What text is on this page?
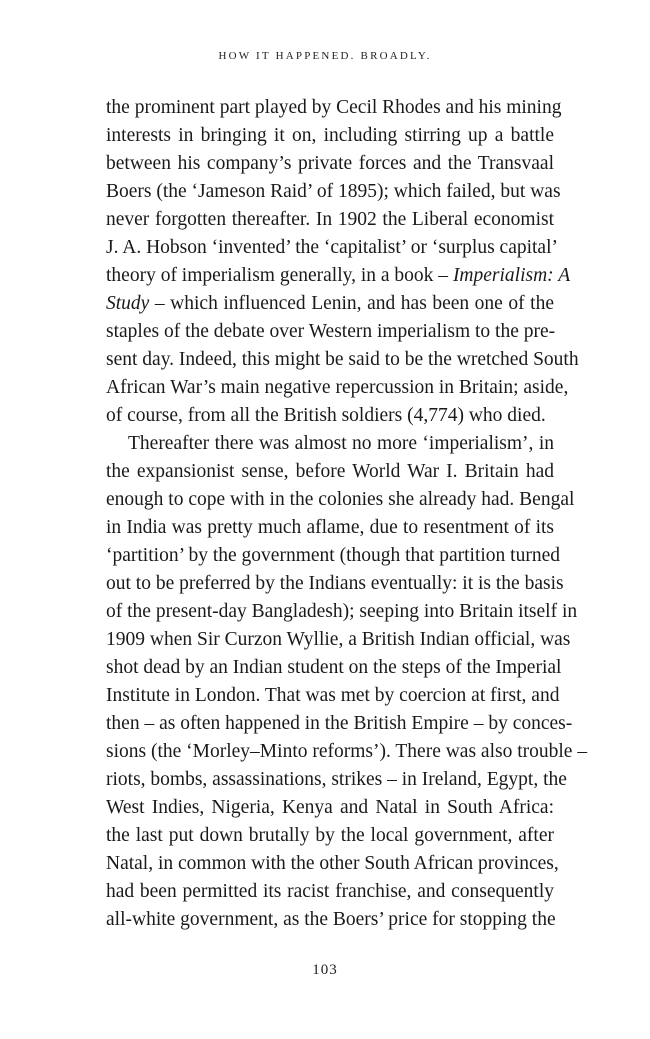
HOW IT HAPPENED. BROADLY.
the prominent part played by Cecil Rhodes and his mining
interests in bringing it on, including stirring up a battle
between his company’s private forces and the Transvaal
Boers (the ‘Jameson Raid’ of 1895); which failed, but was
never forgotten thereafter. In 1902 the Liberal economist
J. A. Hobson ‘invented’ the ‘capitalist’ or ‘surplus capital’
theory of imperialism generally, in a book – Imperialism: A
Study – which influenced Lenin, and has been one of the
staples of the debate over Western imperialism to the pre-
sent day. Indeed, this might be said to be the wretched South
African War’s main negative repercussion in Britain; aside,
of course, from all the British soldiers (4,774) who died.
Thereafter there was almost no more ‘imperialism’, in
the expansionist sense, before World War I. Britain had
enough to cope with in the colonies she already had. Bengal
in India was pretty much aflame, due to resentment of its
‘partition’ by the government (though that partition turned
out to be preferred by the Indians eventually: it is the basis
of the present-day Bangladesh); seeping into Britain itself in
1909 when Sir Curzon Wyllie, a British Indian official, was
shot dead by an Indian student on the steps of the Imperial
Institute in London. That was met by coercion at first, and
then – as often happened in the British Empire – by conces-
sions (the ‘Morley–Minto reforms’). There was also trouble –
riots, bombs, assassinations, strikes – in Ireland, Egypt, the
West Indies, Nigeria, Kenya and Natal in South Africa:
the last put down brutally by the local government, after
Natal, in common with the other South African provinces,
had been permitted its racist franchise, and consequently
all-white government, as the Boers’ price for stopping the
103
